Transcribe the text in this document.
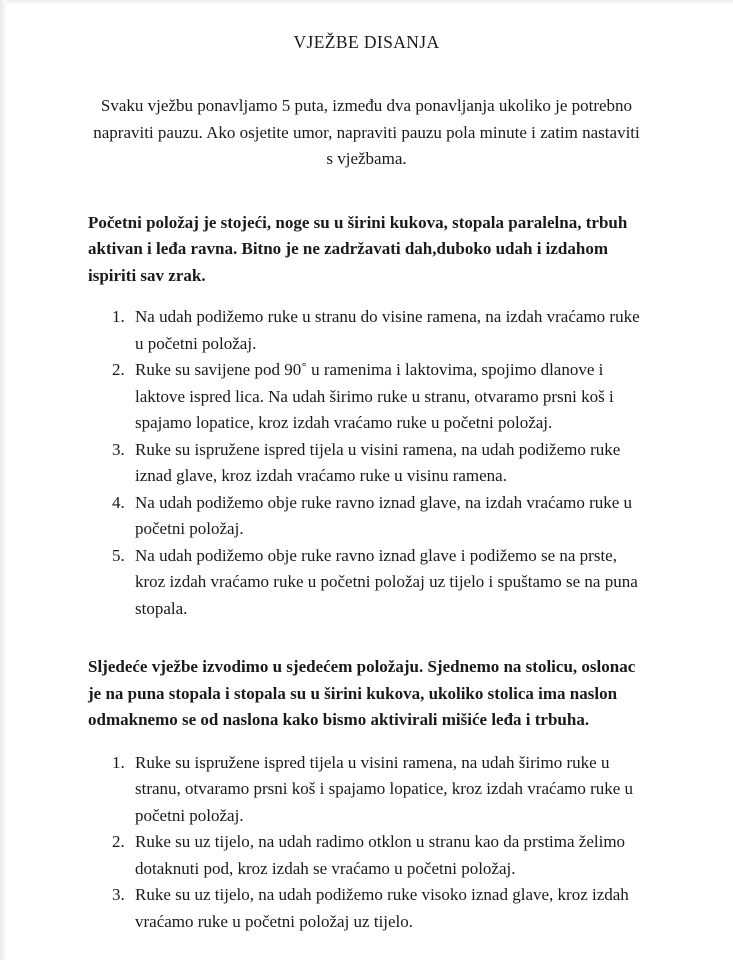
VJEŽBE DISANJA

Svaku vježbu ponavljamo 5 puta, između dva ponavljanja ukoliko je potrebno napraviti pauzu. Ako osjetite umor, napraviti pauzu pola minute i zatim nastaviti s vježbama.

Početni položaj je stojeći, noge su u širini kukova, stopala paralelna, trbuh aktivan i leđa ravna. Bitno je ne zadržavati dah,duboko udah i izdahom ispiriti sav zrak.

Na udah podižemo ruke u stranu do visine ramena, na izdah vraćamo ruke u početni položaj.
Ruke su savijene pod 90˚ u ramenima i laktovima, spojimo dlanove i laktove ispred lica. Na udah širimo ruke u stranu, otvaramo prsni koš i spajamo lopatice, kroz izdah vraćamo ruke u početni položaj.
Ruke su ispružene ispred tijela u visini ramena, na udah podižemo ruke iznad glave, kroz izdah vraćamo ruke u visinu ramena.
Na udah podižemo obje ruke ravno iznad glave, na izdah vraćamo ruke u početni položaj.
Na udah podižemo obje ruke ravno iznad glave i podižemo se na prste, kroz izdah vraćamo ruke u početni položaj uz tijelo i spuštamo se na puna stopala.

Sljedeće vježbe izvodimo u sjedećem položaju. Sjednemo na stolicu, oslonac je na puna stopala i stopala su u širini kukova, ukoliko stolica ima naslon odmaknemo se od naslona kako bismo aktivirali mišiće leđa i trbuha.

Ruke su ispružene ispred tijela u visini ramena, na udah širimo ruke u stranu, otvaramo prsni koš i spajamo lopatice, kroz izdah vraćamo ruke u početni položaj.
Ruke su uz tijelo, na udah radimo otklon u stranu kao da prstima želimo dotaknuti pod, kroz izdah se vraćamo u početni položaj.
Ruke su uz tijelo, na udah podižemo ruke visoko iznad glave, kroz izdah vraćamo ruke u početni položaj uz tijelo.
